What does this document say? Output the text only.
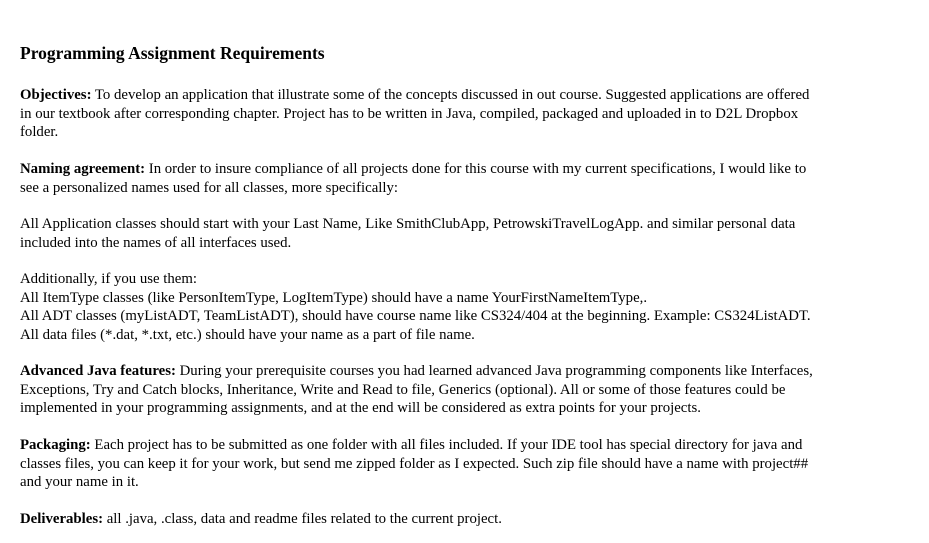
Programming Assignment Requirements
Objectives: To develop an application that illustrate some of the concepts discussed in out course. Suggested applications are offered
in our textbook after corresponding chapter. Project has to be written in Java, compiled, packaged and uploaded in to D2L Dropbox
folder.
Naming agreement: In order to insure compliance of all projects done for this course with my current specifications, I would like to
see a personalized names used for all classes, more specifically:
All Application classes should start with your Last Name, Like SmithClubApp, PetrowskiTravelLogApp. and similar personal data
included into the names of all interfaces used.
Additionally, if you use them:
All ItemType classes (like PersonItemType, LogItemType) should have a name YourFirstNameItemType,.
All ADT classes (myListADT, TeamListADT), should have course name like CS324/404 at the beginning. Example: CS324ListADT.
All data files (*.dat, *.txt, etc.) should have your name as a part of file name.
Advanced Java features: During your prerequisite courses you had learned advanced Java programming components like Interfaces,
Exceptions, Try and Catch blocks, Inheritance, Write and Read to file, Generics (optional). All or some of those features could be
implemented in your programming assignments, and at the end will be considered as extra points for your projects.
Packaging: Each project has to be submitted as one folder with all files included. If your IDE tool has special directory for java and
classes files, you can keep it for your work, but send me zipped folder as I expected. Such zip file should have a name with project##
and your name in it.
Deliverables: all .java, .class, data and readme files related to the current project.
